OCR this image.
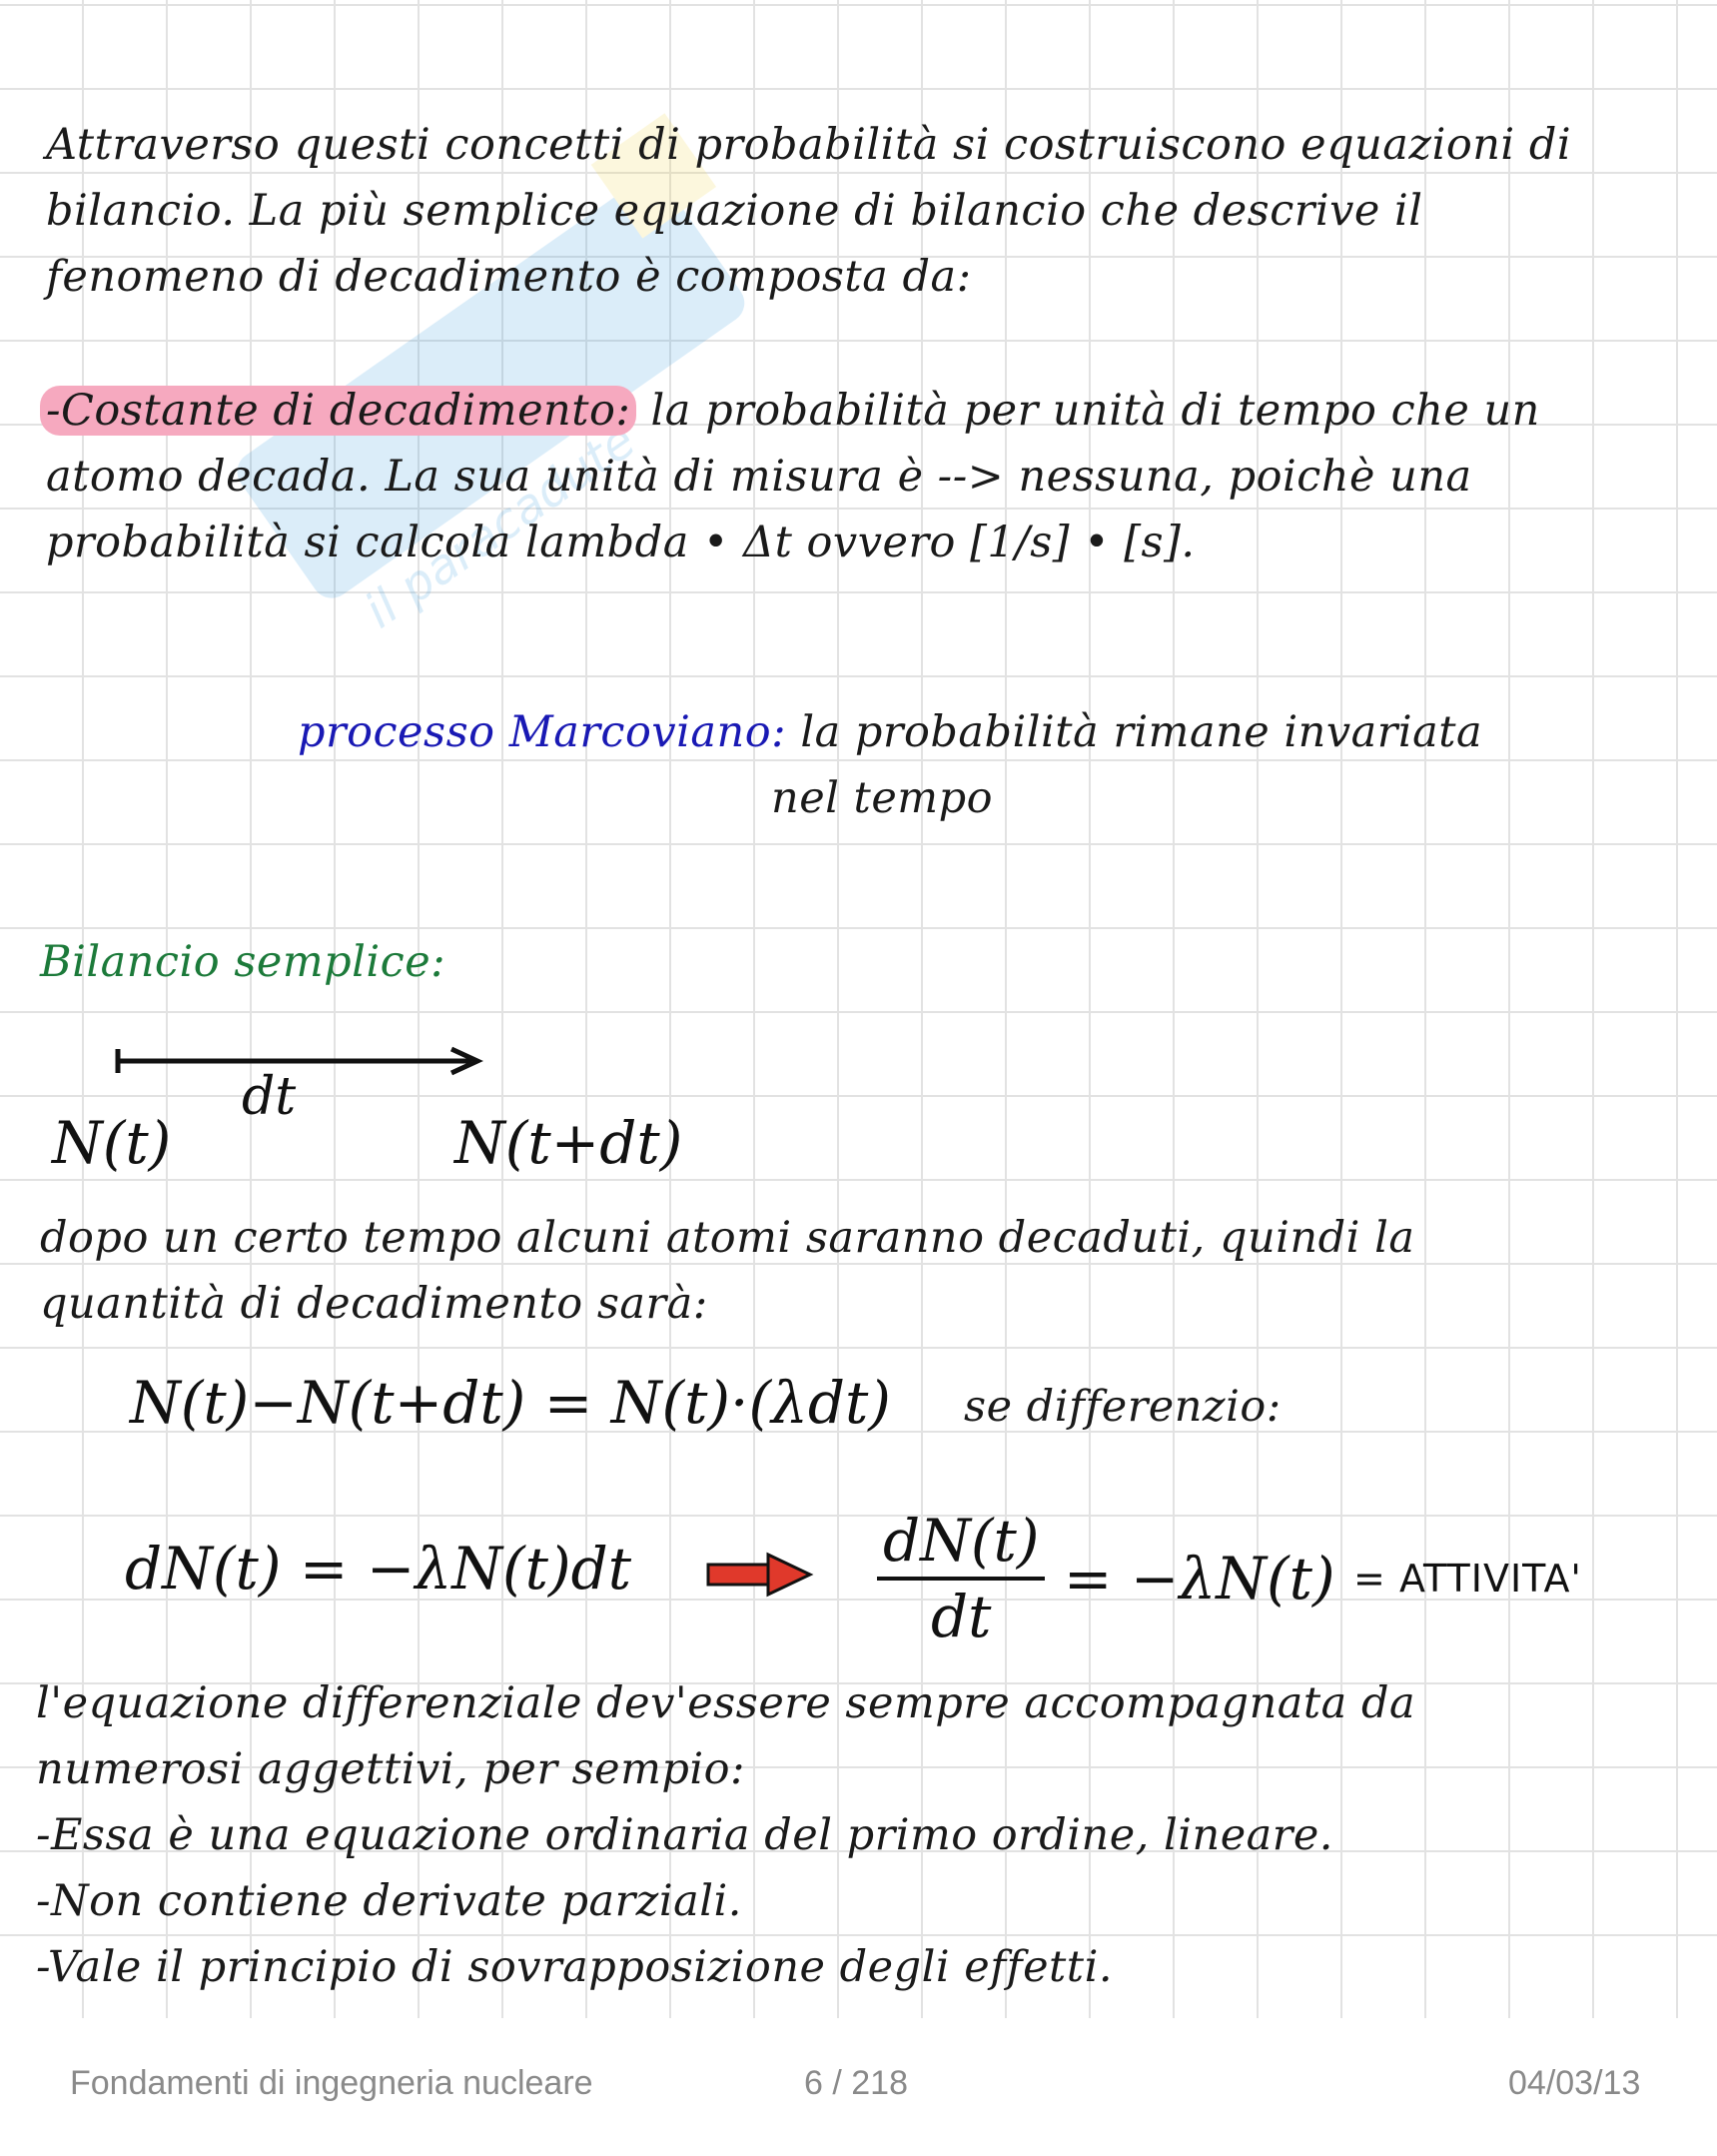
il paracadute
Attraverso questi concetti di probabilità si costruiscono equazioni di
bilancio. La più semplice equazione di bilancio che descrive il
fenomeno di decadimento è composta da:
-Costante di decadimento: la probabilità per unità di tempo che un
atomo decada. La sua unità di misura è --> nessuna, poichè una
probabilità si calcola lambda • Δt ovvero [1/s] • [s].
processo Marcoviano: la probabilità rimane invariata
nel tempo
Bilancio semplice:
dt
N(t)	N(t+dt)
dopo un certo tempo alcuni atomi saranno decaduti, quindi la
quantità di decadimento sarà:
N(t)−N(t+dt) = N(t)·(λdt) se differenzio:
dN(t) = −λN(t)dt	$\frac{dN(t)}{dt} = -\lambda N(t)$ = ATTIVITA'
l'equazione differenziale dev'essere sempre accompagnata da
numerosi aggettivi, per sempio:
-Essa è una equazione ordinaria del primo ordine, lineare.
-Non contiene derivate parziali.
-Vale il principio di sovrapposizione degli effetti.
Fondamenti di ingegneria nucleare	6 / 218	04/03/13
